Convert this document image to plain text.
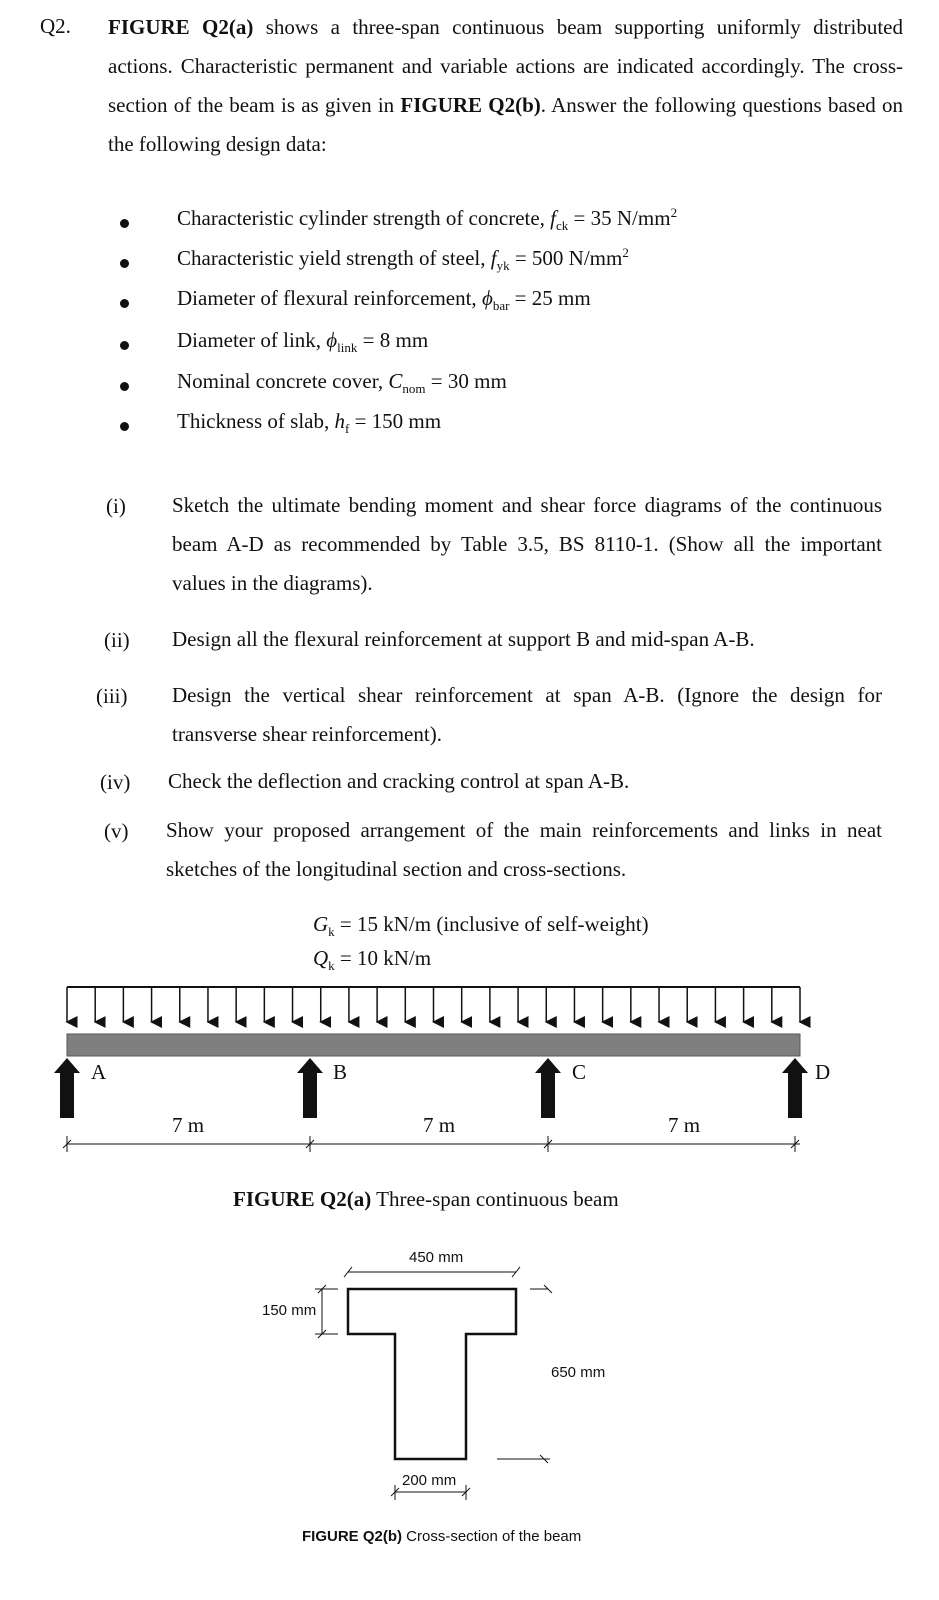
Q2. FIGURE Q2(a) shows a three-span continuous beam supporting uniformly distributed actions. Characteristic permanent and variable actions are indicated accordingly. The cross-section of the beam is as given in FIGURE Q2(b). Answer the following questions based on the following design data:
Characteristic cylinder strength of concrete, $f_{ck} = 35$ $N/mm^2$
Characteristic yield strength of steel, $f_{yk} = 500$ $N/mm^2$
Diameter of flexural reinforcement, $\phi_{bar} = 25$ mm
Diameter of link, $\phi_{link} = 8$ mm
Nominal concrete cover, $C_{nom} = 30$ mm
Thickness of slab, $h_f = 150$ mm
(i) Sketch the ultimate bending moment and shear force diagrams of the continuous beam A-D as recommended by Table 3.5, BS 8110-1. (Show all the important values in the diagrams).
(ii) Design all the flexural reinforcement at support B and mid-span A-B.
(iii) Design the vertical shear reinforcement at span A-B. (Ignore the design for transverse shear reinforcement).
(iv) Check the deflection and cracking control at span A-B.
(v) Show your proposed arrangement of the main reinforcements and links in neat sketches of the longitudinal section and cross-sections.
$G_k = 15$ kN/m (inclusive of self-weight)
$Q_k = 10$ kN/m
A	B	C	D
7 m	7 m	7 m
FIGURE Q2(a) Three-span continuous beam
450 mm
150 mm
650 mm
200 mm
FIGURE Q2(b) Cross-section of the beam
